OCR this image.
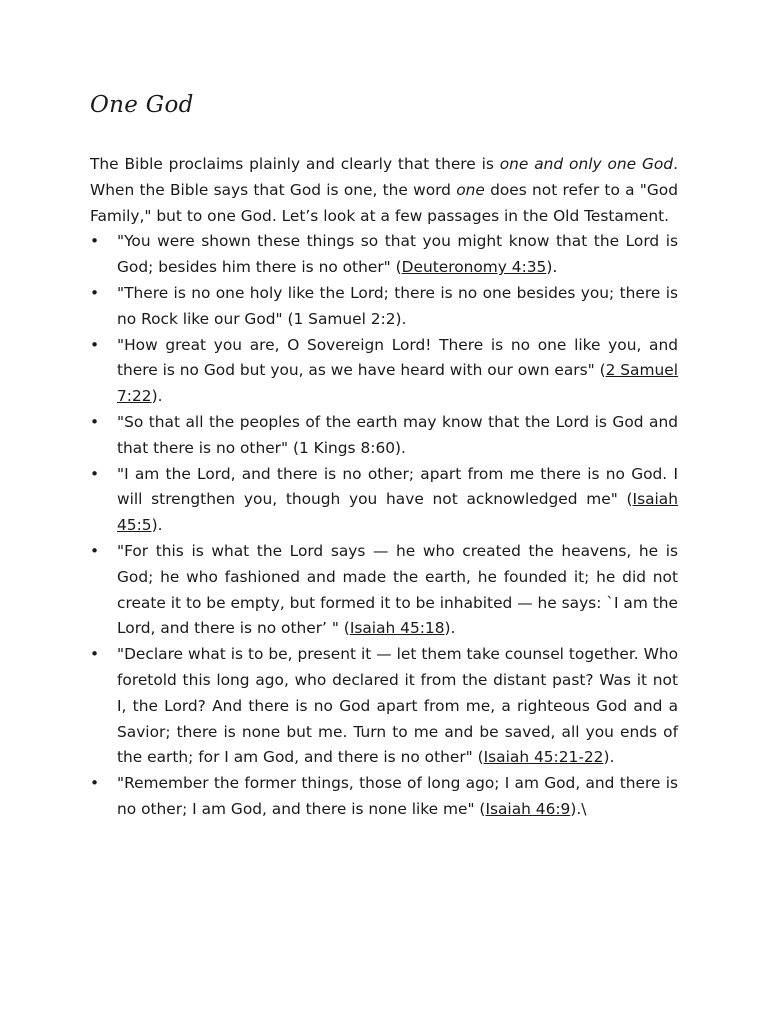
One God

The Bible proclaims plainly and clearly that there is one and only one God. When the Bible says that God is one, the word one does not refer to a "God Family," but to one God. Let’s look at a few passages in the Old Testament.

•	"You were shown these things so that you might know that the Lord is God; besides him there is no other" (Deuteronomy 4:35).
•	"There is no one holy like the Lord; there is no one besides you; there is no Rock like our God" (1 Samuel 2:2).
•	"How great you are, O Sovereign Lord! There is no one like you, and there is no God but you, as we have heard with our own ears" (2 Samuel 7:22).
•	"So that all the peoples of the earth may know that the Lord is God and that there is no other" (1 Kings 8:60).
•	"I am the Lord, and there is no other; apart from me there is no God. I will strengthen you, though you have not acknowledged me" (Isaiah 45:5).
•	"For this is what the Lord says — he who created the heavens, he is God; he who fashioned and made the earth, he founded it; he did not create it to be empty, but formed it to be inhabited — he says: `I am the Lord, and there is no other’ " (Isaiah 45:18).
•	"Declare what is to be, present it — let them take counsel together. Who foretold this long ago, who declared it from the distant past? Was it not I, the Lord? And there is no God apart from me, a righteous God and a Savior; there is none but me. Turn to me and be saved, all you ends of the earth; for I am God, and there is no other" (Isaiah 45:21-22).
•	"Remember the former things, those of long ago; I am God, and there is no other; I am God, and there is none like me" (Isaiah 46:9).\
